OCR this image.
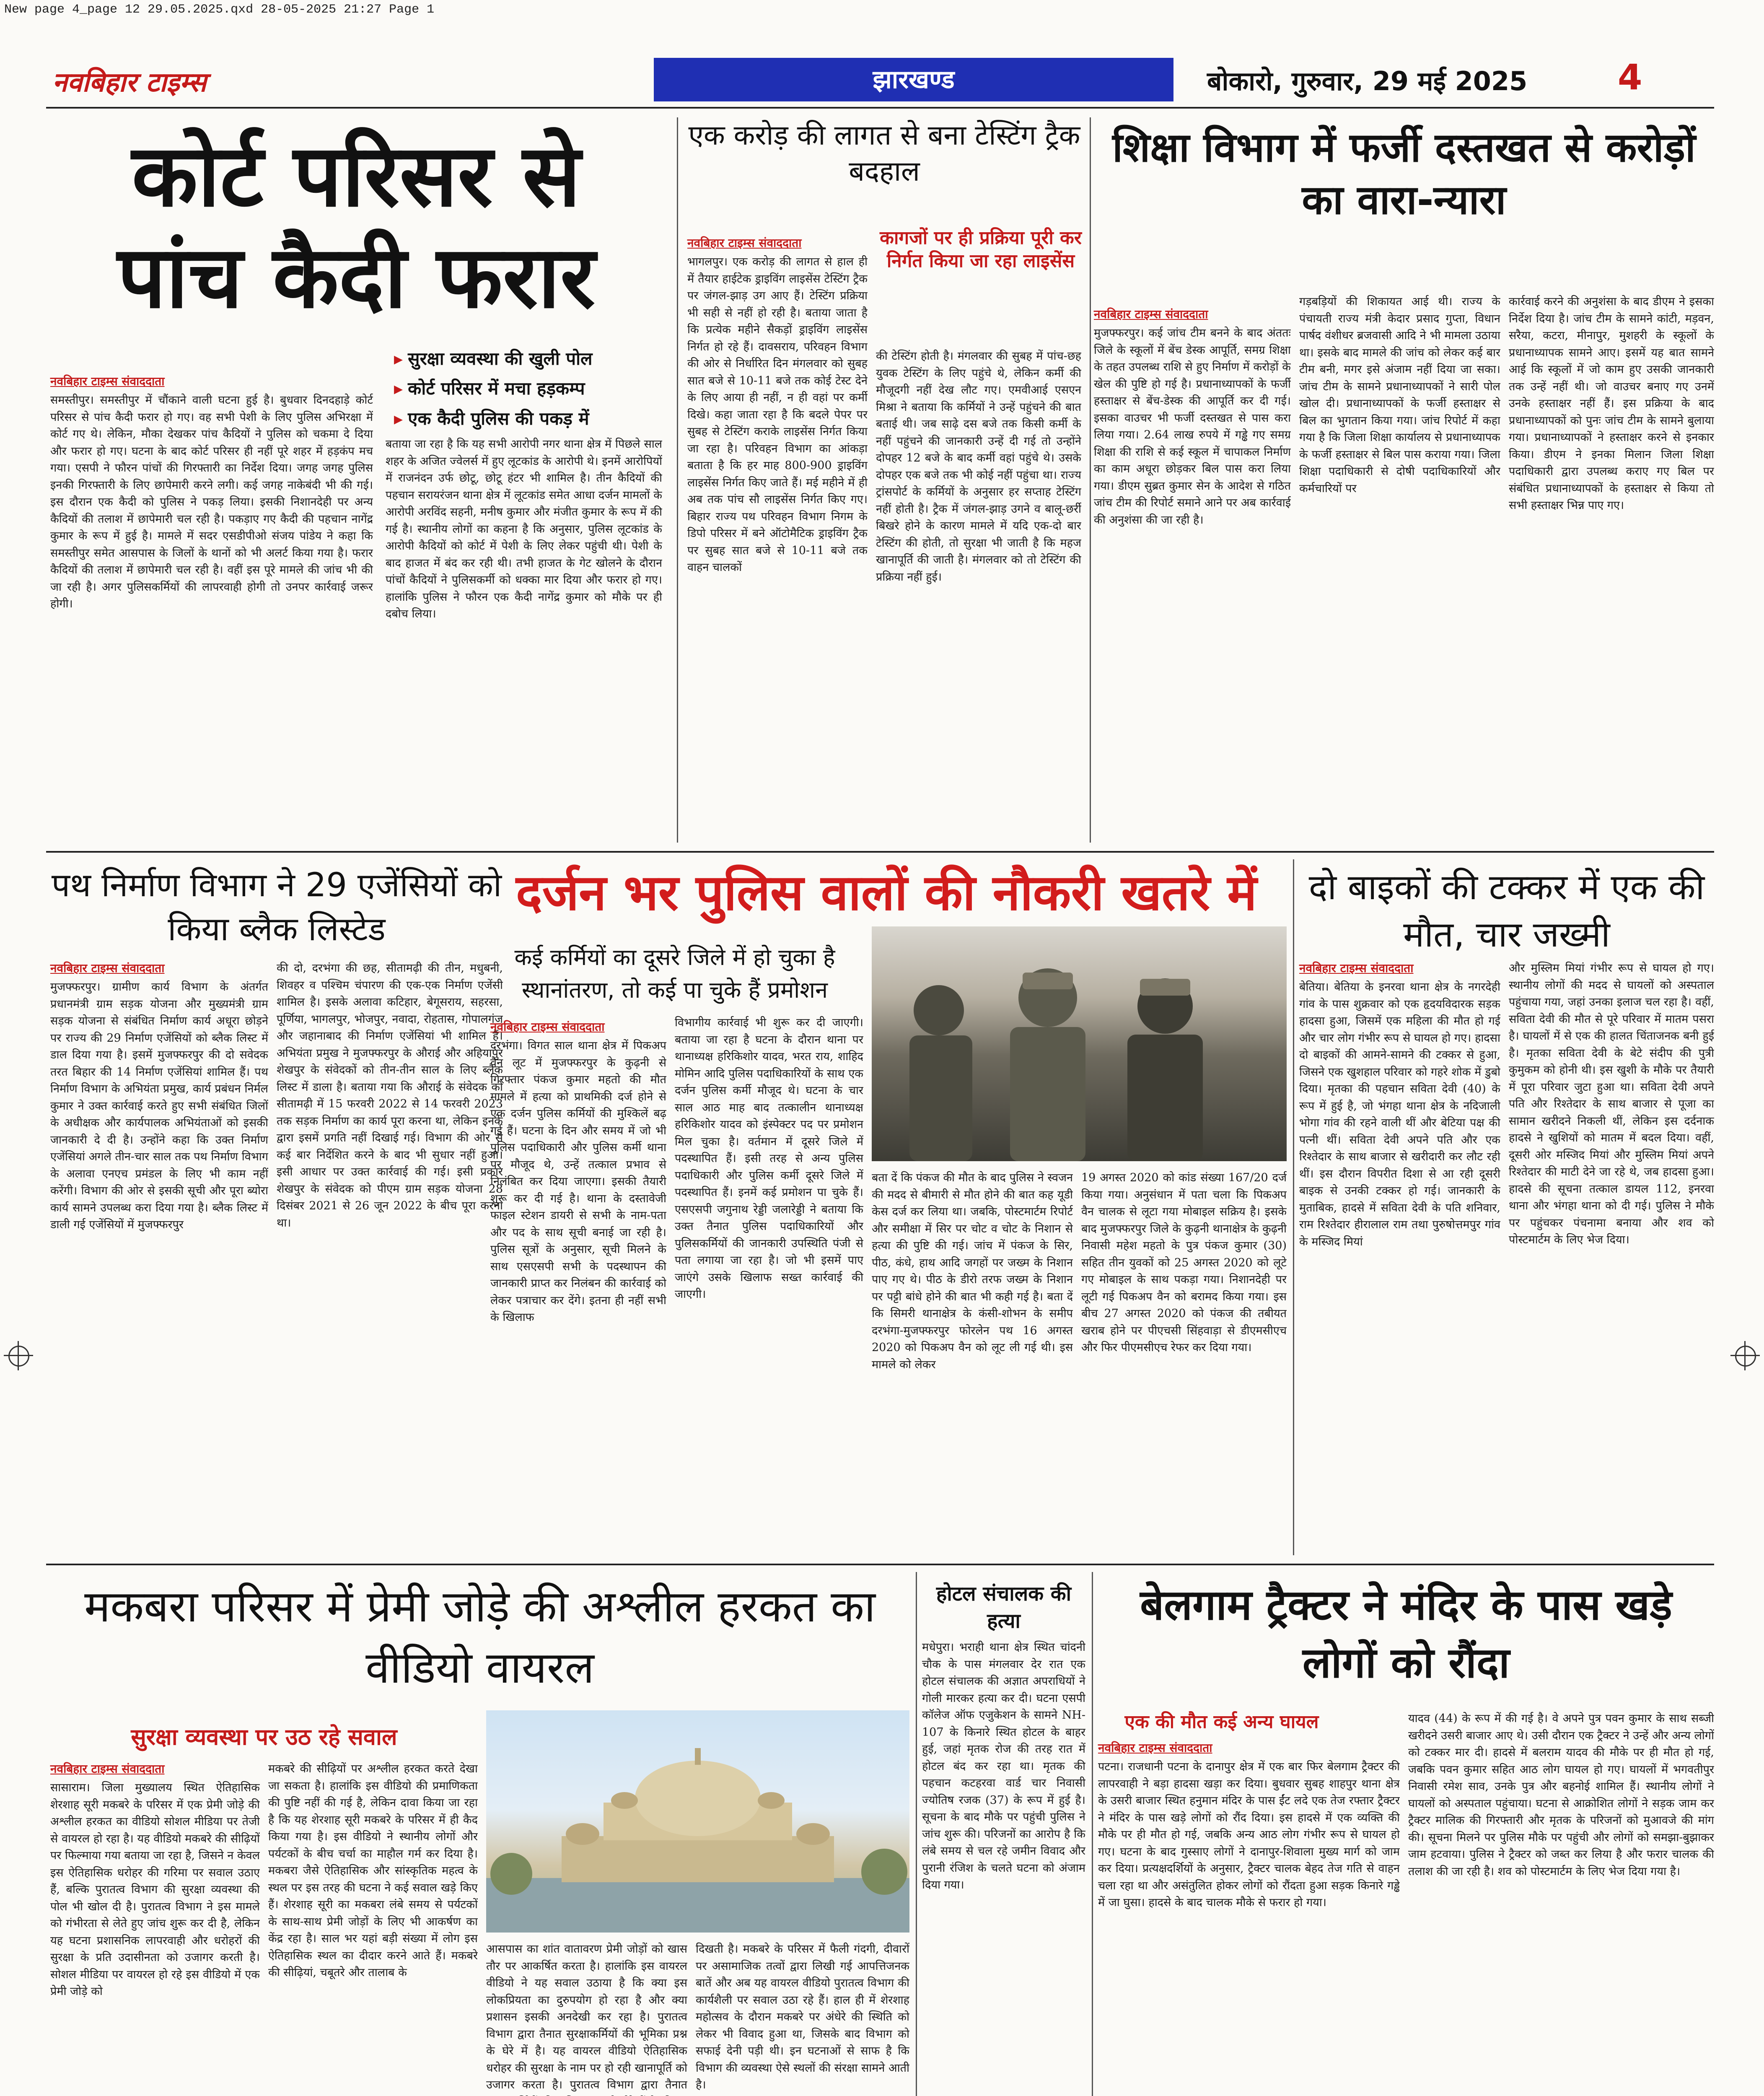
New page 4_page 12 29.05.2025.qxd 28-05-2025 21:27 Page 1
नवबिहार टाइम्स	झारखण्ड	बोकारो, गुरुवार, 29 मई 2025	4
कोर्ट परिसर से
पांच कैदी फरार
नवबिहार टाइम्स संवाददाता
समस्तीपुर। समस्तीपुर में चौंकाने वाली घटना हुई है। बुधवार दिनदहाड़े कोर्ट परिसर से पांच कैदी फरार हो गए। वह सभी पेशी के लिए पुलिस अभिरक्षा में कोर्ट गए थे। लेकिन, मौका देखकर पांच कैदियों ने पुलिस को चकमा दे दिया और फरार हो गए। घटना के बाद कोर्ट परिसर ही नहीं पूरे शहर में हड़कंप मच गया। एसपी ने फौरन पांचों की गिरफ्तारी का निर्देश दिया। जगह जगह पुलिस इनकी गिरफ्तारी के लिए छापेमारी करने लगी। कई जगह नाकेबंदी भी की गई। इस दौरान एक कैदी को पुलिस ने पकड़ लिया। इसकी निशानदेही पर अन्य कैदियों की तलाश में छापेमारी चल रही है। पकड़ाए गए कैदी की पहचान नागेंद्र कुमार के रूप में हुई है। मामले में सदर एसडीपीओ संजय पांडेय ने कहा कि समस्तीपुर समेत आसपास के जिलों के थानों को भी अलर्ट किया गया है। फरार कैदियों की तलाश में छापेमारी चल रही है। वहीं इस पूरे मामले की जांच भी की जा रही है। अगर पुलिसकर्मियों की लापरवाही होगी तो उनपर कार्रवाई जरूर होगी।
▸ सुरक्षा व्यवस्था की खुली पोल
▸ कोर्ट परिसर में मचा हड़कम्प
▸ एक कैदी पुलिस की पकड़ में
बताया जा रहा है कि यह सभी आरोपी नगर थाना क्षेत्र में पिछले साल शहर के अजित ज्वेलर्स में हुए लूटकांड के आरोपी थे। इनमें आरोपियों में राजनंदन उर्फ छोटू, छोटू हंटर भी शामिल है। तीन कैदियों की पहचान सरायरंजन थाना क्षेत्र में लूटकांड समेत आधा दर्जन मामलों के आरोपी अरविंद सहनी, मनीष कुमार और मंजीत कुमार के रूप में की गई है। स्थानीय लोगों का कहना है कि अनुसार, पुलिस लूटकांड के आरोपी कैदियों को कोर्ट में पेशी के लिए लेकर पहुंची थी। पेशी के बाद हाजत में बंद कर रही थी। तभी हाजत के गेट खोलने के दौरान पांचों कैदियों ने पुलिसकर्मी को धक्का मार दिया और फरार हो गए। हालांकि पुलिस ने फौरन एक कैदी नागेंद्र कुमार को मौके पर ही दबोच लिया।
एक करोड़ की लागत से बना टेस्टिंग ट्रैक बदहाल
कागजों पर ही प्रक्रिया पूरी कर निर्गत किया जा रहा लाइसेंस
नवबिहार टाइम्स संवाददाता
भागलपुर। एक करोड़ की लागत से हाल ही में तैयार हाईटेक ड्राइविंग लाइसेंस टेस्टिंग ट्रैक पर जंगल-झाड़ उग आए हैं। टेस्टिंग प्रक्रिया भी सही से नहीं हो रही है। बताया जाता है कि प्रत्येक महीने सैकड़ों ड्राइविंग लाइसेंस निर्गत हो रहे हैं। दावसराय, परिवहन विभाग की ओर से निर्धारित दिन मंगलवार को सुबह सात बजे से 10-11 बजे तक कोई टेस्ट देने के लिए आया ही नहीं, न ही वहां पर कर्मी दिखे। कहा जाता रहा है कि बदले पेपर पर सुबह से टेस्टिंग कराके लाइसेंस निर्गत किया जा रहा है। परिवहन विभाग का आंकड़ा बताता है कि हर माह 800-900 ड्राइविंग लाइसेंस निर्गत किए जाते हैं। मई महीने में ही अब तक पांच सौ लाइसेंस निर्गत किए गए। बिहार राज्य पथ परिवहन विभाग निगम के डिपो परिसर में बने ऑटोमैटिक ड्राइविंग ट्रैक पर सुबह सात बजे से 10-11 बजे तक वाहन चालकों
की टेस्टिंग होती है। मंगलवार की सुबह में पांच-छह युवक टेस्टिंग के लिए पहुंचे थे, लेकिन कर्मी की मौजूदगी नहीं देख लौट गए। एमवीआई एसएन मिश्रा ने बताया कि कर्मियों ने उन्हें पहुंचने की बात बताई थी। जब साढ़े दस बजे तक किसी कर्मी के नहीं पहुंचने की जानकारी उन्हें दी गई तो उन्होंने दोपहर 12 बजे के बाद कर्मी वहां पहुंचे थे। उसके दोपहर एक बजे तक भी कोई नहीं पहुंचा था। राज्य ट्रांसपोर्ट के कर्मियों के अनुसार हर सप्ताह टेस्टिंग नहीं होती है। ट्रैक में जंगल-झाड़ उगने व बालू-छर्री बिखरे होने के कारण मामले में यदि एक-दो बार टेस्टिंग की होती, तो सुरक्षा भी जाती है कि महज खानापूर्ति की जाती है। मंगलवार को तो टेस्टिंग की प्रक्रिया नहीं हुई।
शिक्षा विभाग में फर्जी दस्तखत से करोड़ों का वारा-न्यारा
नवबिहार टाइम्स संवाददाता
मुजफ्फरपुर। कई जांच टीम बनने के बाद अंततः जिले के स्कूलों में बेंच डेस्क आपूर्ति, समग्र शिक्षा के तहत उपलब्ध राशि से हुए निर्माण में करोड़ों के खेल की पुष्टि हो गई है। प्रधानाध्यापकों के फर्जी हस्ताक्षर से बेंच-डेस्क की आपूर्ति कर दी गई। इसका वाउचर भी फर्जी दस्तखत से पास करा लिया गया। 2.64 लाख रुपये में गड्ढे गए समग्र शिक्षा की राशि से कई स्कूल में चापाकल निर्माण का काम अधूरा छोड़कर बिल पास करा लिया गया। डीएम सुब्रत कुमार सेन के आदेश से गठित जांच टीम की रिपोर्ट समाने आने पर अब कार्रवाई की अनुशंसा की जा रही है।
गड़बड़ियों की शिकायत आई थी। राज्य के पंचायती राज्य मंत्री केदार प्रसाद गुप्ता, विधान पार्षद वंशीधर ब्रजवासी आदि ने भी मामला उठाया था। इसके बाद मामले की जांच को लेकर कई बार टीम बनी, मगर इसे अंजाम नहीं दिया जा सका। जांच टीम के सामने प्रधानाध्यापकों ने सारी पोल खोल दी। प्रधानाध्यापकों के फर्जी हस्ताक्षर से बिल का भुगतान किया गया। जांच रिपोर्ट में कहा गया है कि जिला शिक्षा कार्यालय से प्रधानाध्यापक के फर्जी हस्ताक्षर से बिल पास कराया गया। जिला शिक्षा पदाधिकारी से दोषी पदाधिकारियों और कर्मचारियों पर
कार्रवाई करने की अनुशंसा के बाद डीएम ने इसका निर्देश दिया है। जांच टीम के सामने कांटी, मड़वन, सरैया, कटरा, मीनापुर, मुशहरी के स्कूलों के प्रधानाध्यापक सामने आए। इसमें यह बात सामने आई कि स्कूलों में जो काम हुए उसकी जानकारी तक उन्हें नहीं थी। जो वाउचर बनाए गए उनमें उनके हस्ताक्षर नहीं हैं। इस प्रक्रिया के बाद प्रधानाध्यापकों को पुनः जांच टीम के सामने बुलाया गया। प्रधानाध्यापकों ने हस्ताक्षर करने से इनकार किया। डीएम ने इनका मिलान जिला शिक्षा पदाधिकारी द्वारा उपलब्ध कराए गए बिल पर संबंधित प्रधानाध्यापकों के हस्ताक्षर से किया तो सभी हस्ताक्षर भिन्न पाए गए।
पथ निर्माण विभाग ने 29 एजेंसियों को किया ब्लैक लिस्टेड
नवबिहार टाइम्स संवाददाता
मुजफ्फरपुर। ग्रामीण कार्य विभाग के अंतर्गत प्रधानमंत्री ग्राम सड़क योजना और मुख्यमंत्री ग्राम सड़क योजना से संबंधित निर्माण कार्य अधूरा छोड़ने पर राज्य की 29 निर्माण एजेंसियों को ब्लैक लिस्ट में डाल दिया गया है। इसमें मुजफ्फरपुर की दो सवेदक तरत बिहार की 14 निर्माण एजेंसियां शामिल हैं। पथ निर्माण विभाग के अभियंता प्रमुख, कार्य प्रबंधन निर्मल कुमार ने उक्त कार्रवाई करते हुए सभी संबंधित जिलों के अधीक्षक और कार्यपालक अभियंताओं को इसकी जानकारी दे दी है। उन्होंने कहा कि उक्त निर्माण एजेंसियां अगले तीन-चार साल तक पथ निर्माण विभाग के अलावा एनएच प्रमंडल के लिए भी काम नहीं करेंगी। विभाग की ओर से इसकी सूची और पूरा ब्योरा कार्य सामने उपलब्ध करा दिया गया है। ब्लैक लिस्ट में डाली गई एजेंसियों में मुजफ्फरपुर
की दो, दरभंगा की छह, सीतामढ़ी की तीन, मधुबनी, शिवहर व पश्चिम चंपारण की एक-एक निर्माण एजेंसी शामिल है। इसके अलावा कटिहार, बेगूसराय, सहरसा, पूर्णिया, भागलपुर, भोजपुर, नवादा, रोहतास, गोपालगंज और जहानाबाद की निर्माण एजेंसियां भी शामिल हैं। अभियंता प्रमुख ने मुजफ्फरपुर के औराई और अहियापुर शेखपुर के संवेदकों को तीन-तीन साल के लिए ब्लैक लिस्ट में डाला है। बताया गया कि औराई के संवेदक को सीतामढ़ी में 15 फरवरी 2022 से 14 फरवरी 2023 तक सड़क निर्माण का कार्य पूरा करना था, लेकिन इनके द्वारा इसमें प्रगति नहीं दिखाई गई। विभाग की ओर से कई बार निर्देशित करने के बाद भी सुधार नहीं हुआ। इसी आधार पर उक्त कार्रवाई की गई। इसी प्रकार शेखपुर के संवेदक को पीएम ग्राम सड़क योजना 28 दिसंबर 2021 से 26 जून 2022 के बीच पूरा करना था।
दर्जन भर पुलिस वालों की नौकरी खतरे में
कई कर्मियों का दूसरे जिले में हो चुका है स्थानांतरण, तो कई पा चुके हैं प्रमोशन
नवबिहार टाइम्स संवाददाता
दरभंगा। विगत साल थाना क्षेत्र में पिकअप वैन लूट में मुजफ्फरपुर के कुढ़नी से गिरफ्तार पंकज कुमार महतो की मौत मामले में हत्या को प्राथमिकी दर्ज होने से एक दर्जन पुलिस कर्मियों की मुश्किलें बढ़ गई हैं। घटना के दिन और समय में जो भी पुलिस पदाधिकारी और पुलिस कर्मी थाना पर मौजूद थे, उन्हें तत्काल प्रभाव से निलंबित कर दिया जाएगा। इसकी तैयारी शुरू कर दी गई है। थाना के दस्तावेजी फाइल स्टेशन डायरी से सभी के नाम-पता और पद के साथ सूची बनाई जा रही है। पुलिस सूत्रों के अनुसार, सूची मिलने के साथ एसएसपी सभी के पदस्थापन की जानकारी प्राप्त कर निलंबन की कार्रवाई को लेकर पत्राचार कर देंगे। इतना ही नहीं सभी के खिलाफ
विभागीय कार्रवाई भी शुरू कर दी जाएगी। बताया जा रहा है घटना के दौरान थाना पर थानाध्यक्ष हरिकिशोर यादव, भरत राय, शाहिद मोमिन आदि पुलिस पदाधिकारियों के साथ एक दर्जन पुलिस कर्मी मौजूद थे। घटना के चार साल आठ माह बाद तत्कालीन थानाध्यक्ष हरिकिशोर यादव को इंस्पेक्टर पद पर प्रमोशन मिल चुका है। वर्तमान में दूसरे जिले में पदस्थापित हैं। इसी तरह से अन्य पुलिस पदाधिकारी और पुलिस कर्मी दूसरे जिले में पदस्थापित हैं। इनमें कई प्रमोशन पा चुके हैं। एसएसपी जगुनाथ रेड्डी जलारेड्डी ने बताया कि उक्त तैनात पुलिस पदाधिकारियों और पुलिसकर्मियों की जानकारी उपस्थिति पंजी से पता लगाया जा रहा है। जो भी इसमें पाए जाएंगे उसके खिलाफ सख्त कार्रवाई की जाएगी।
बता दें कि पंकज की मौत के बाद पुलिस ने स्वजन की मदद से बीमारी से मौत होने की बात कह यूडी केस दर्ज कर लिया था। जबकि, पोस्टमार्टम रिपोर्ट और समीक्षा में सिर पर चोट व चोट के निशान से हत्या की पुष्टि की गई। जांच में पंकज के सिर, पीठ, कंधे, हाथ आदि जगहों पर जख्म के निशान पाए गए थे। पीठ के डीरो तरफ जख्म के निशान पर पट्टी बांधे होने की बात भी कही गई है। बता दें कि सिमरी थानाक्षेत्र के कंसी-शोभन के समीप दरभंगा-मुजफ्फरपुर फोरलेन पथ 16 अगस्त 2020 को पिकअप वैन को लूट ली गई थी। इस मामले को लेकर
19 अगस्त 2020 को कांड संख्या 167/20 दर्ज किया गया। अनुसंधान में पता चला कि पिकअप वैन चालक से लूटा गया मोबाइल सक्रिय है। इसके बाद मुजफ्फरपुर जिले के कुढ़नी थानाक्षेत्र के कुढ़नी निवासी महेश महतो के पुत्र पंकज कुमार (30) सहित तीन युवकों को 25 अगस्त 2020 को लूटे गए मोबाइल के साथ पकड़ा गया। निशानदेही पर लूटी गई पिकअप वैन को बरामद किया गया। इस बीच 27 अगस्त 2020 को पंकज की तबीयत खराब होने पर पीएचसी सिंहवाड़ा से डीएमसीएच और फिर पीएमसीएच रेफर कर दिया गया।
दो बाइकों की टक्कर में एक की मौत, चार जख्मी
नवबिहार टाइम्स संवाददाता
बेतिया। बेतिया के इनरवा थाना क्षेत्र के नगरदेही गांव के पास शुक्रवार को एक हृदयविदारक सड़क हादसा हुआ, जिसमें एक महिला की मौत हो गई और चार लोग गंभीर रूप से घायल हो गए। हादसा दो बाइकों की आमने-सामने की टक्कर से हुआ, जिसने एक खुशहाल परिवार को गहरे शोक में डुबो दिया। मृतका की पहचान सविता देवी (40) के रूप में हुई है, जो भंगहा थाना क्षेत्र के नदिजाली भोगा गांव की रहने वाली थीं और बेटिया पक्ष की पत्नी थीं। सविता देवी अपने पति और एक रिश्तेदार के साथ बाजार से खरीदारी कर लौट रही थीं। इस दौरान विपरीत दिशा से आ रही दूसरी बाइक से उनकी टक्कर हो गई। जानकारी के मुताबिक, हादसे में सविता देवी के पति शनिवार, राम रिश्तेदार हीरालाल राम तथा पुरुषोत्तमपुर गांव के मस्जिद मियां
और मुस्लिम मियां गंभीर रूप से घायल हो गए। स्थानीय लोगों की मदद से घायलों को अस्पताल पहुंचाया गया, जहां उनका इलाज चल रहा है। वहीं, सविता देवी की मौत से पूरे परिवार में मातम पसरा है। घायलों में से एक की हालत चिंताजनक बनी हुई है। मृतका सविता देवी के बेटे संदीप की पुत्री कुमुकम को होनी थी। इस खुशी के मौके पर तैयारी में पूरा परिवार जुटा हुआ था। सविता देवी अपने पति और रिश्तेदार के साथ बाजार से पूजा का सामान खरीदने निकली थीं, लेकिन इस दर्दनाक हादसे ने खुशियों को मातम में बदल दिया। वहीं, दूसरी ओर मस्जिद मियां और मुस्लिम मियां अपने रिश्तेदार की माटी देने जा रहे थे, जब हादसा हुआ। हादसे की सूचना तत्काल डायल 112, इनरवा थाना और भंगहा थाना को दी गई। पुलिस ने मौके पर पहुंचकर पंचनामा बनाया और शव को पोस्टमार्टम के लिए भेज दिया।
मकबरा परिसर में प्रेमी जोड़े की अश्लील हरकत का वीडियो वायरल
सुरक्षा व्यवस्था पर उठ रहे सवाल
नवबिहार टाइम्स संवाददाता
सासाराम। जिला मुख्यालय स्थित ऐतिहासिक शेरशाह सूरी मकबरे के परिसर में एक प्रेमी जोड़े की अश्लील हरकत का वीडियो सोशल मीडिया पर तेजी से वायरल हो रहा है। यह वीडियो मकबरे की सीढ़ियों पर फिल्माया गया बताया जा रहा है, जिसने न केवल इस ऐतिहासिक धरोहर की गरिमा पर सवाल उठाए हैं, बल्कि पुरातत्व विभाग की सुरक्षा व्यवस्था की पोल भी खोल दी है। पुरातत्व विभाग ने इस मामले को गंभीरता से लेते हुए जांच शुरू कर दी है, लेकिन यह घटना प्रशासनिक लापरवाही और धरोहरों की सुरक्षा के प्रति उदासीनता को उजागर करती है। सोशल मीडिया पर वायरल हो रहे इस वीडियो में एक प्रेमी जोड़े को
मकबरे की सीढ़ियों पर अश्लील हरकत करते देखा जा सकता है। हालांकि इस वीडियो की प्रमाणिकता की पुष्टि नहीं की गई है, लेकिन दावा किया जा रहा है कि यह शेरशाह सूरी मकबरे के परिसर में ही कैद किया गया है। इस वीडियो ने स्थानीय लोगों और पर्यटकों के बीच चर्चा का माहौल गर्म कर दिया है। मकबरा जैसे ऐतिहासिक और सांस्कृतिक महत्व के स्थल पर इस तरह की घटना ने कई सवाल खड़े किए हैं। शेरशाह सूरी का मकबरा लंबे समय से पर्यटकों के साथ-साथ प्रेमी जोड़ों के लिए भी आकर्षण का केंद्र रहा है। साल भर यहां बड़ी संख्या में लोग इस ऐतिहासिक स्थल का दीदार करने आते हैं। मकबरे की सीढ़ियां, चबूतरे और तालाब के
आसपास का शांत वातावरण प्रेमी जोड़ों को खास तौर पर आकर्षित करता है। हालांकि इस वायरल वीडियो ने यह सवाल उठाया है कि क्या इस लोकप्रियता का दुरुपयोग हो रहा है और क्या प्रशासन इसकी अनदेखी कर रहा है। पुरातत्व विभाग द्वारा तैनात सुरक्षाकर्मियों की भूमिका प्रश्न के घेरे में है। यह वायरल वीडियो ऐतिहासिक धरोहर की सुरक्षा के नाम पर हो रही खानापूर्ति को उजागर करता है। पुरातत्व विभाग द्वारा तैनात
दिखती है। मकबरे के परिसर में फैली गंदगी, दीवारों पर असामाजिक तत्वों द्वारा लिखी गई आपत्तिजनक बातें और अब यह वायरल वीडियो पुरातत्व विभाग की कार्यशैली पर सवाल उठा रहे हैं। हाल ही में शेरशाह महोत्सव के दौरान मकबरे पर अंधेरे की स्थिति को लेकर भी विवाद हुआ था, जिसके बाद विभाग को सफाई देनी पड़ी थी। इन घटनाओं से साफ है कि विभाग की व्यवस्था ऐसे स्थलों की संरक्षा सामने आती है।
होटल संचालक की हत्या
मधेपुरा। भराही थाना क्षेत्र स्थित चांदनी चौक के पास मंगलवार देर रात एक होटल संचालक की अज्ञात अपराधियों ने गोली मारकर हत्या कर दी। घटना एसपी कॉलेज ऑफ एजुकेशन के सामने NH-107 के किनारे स्थित होटल के बाहर हुई, जहां मृतक रोज की तरह रात में होटल बंद कर रहा था। मृतक की पहचान कटहरवा वार्ड चार निवासी ज्योतिष रजक (37) के रूप में हुई है। सूचना के बाद मौके पर पहुंची पुलिस ने जांच शुरू की। परिजनों का आरोप है कि लंबे समय से चल रहे जमीन विवाद और पुरानी रंजिश के चलते घटना को अंजाम दिया गया।
बेलगाम ट्रैक्टर ने मंदिर के पास खड़े लोगों को रौंदा
एक की मौत कई अन्य घायल
नवबिहार टाइम्स संवाददाता
पटना। राजधानी पटना के दानापुर क्षेत्र में एक बार फिर बेलगाम ट्रैक्टर की लापरवाही ने बड़ा हादसा खड़ा कर दिया। बुधवार सुबह शाहपुर थाना क्षेत्र के उसरी बाजार स्थित हनुमान मंदिर के पास ईंट लदे एक तेज रफ्तार ट्रैक्टर ने मंदिर के पास खड़े लोगों को रौंद दिया। इस हादसे में एक व्यक्ति की मौके पर ही मौत हो गई, जबकि अन्य आठ लोग गंभीर रूप से घायल हो गए। घटना के बाद गुस्साए लोगों ने दानापुर-शिवाला मुख्य मार्ग को जाम कर दिया। प्रत्यक्षदर्शियों के अनुसार, ट्रैक्टर चालक बेहद तेज गति से वाहन चला रहा था और असंतुलित होकर लोगों को रौंदता हुआ सड़क किनारे गड्ढे में जा घुसा। हादसे के बाद चालक मौके से फरार हो गया।
यादव (44) के रूप में की गई है। वे अपने पुत्र पवन कुमार के साथ सब्जी खरीदने उसरी बाजार आए थे। उसी दौरान एक ट्रैक्टर ने उन्हें और अन्य लोगों को टक्कर मार दी। हादसे में बलराम यादव की मौके पर ही मौत हो गई, जबकि पवन कुमार सहित आठ लोग घायल हो गए। घायलों में भगवतीपुर निवासी रमेश साव, उनके पुत्र और बहनोई शामिल हैं। स्थानीय लोगों ने घायलों को अस्पताल पहुंचाया। घटना से आक्रोशित लोगों ने सड़क जाम कर ट्रैक्टर मालिक की गिरफ्तारी और मृतक के परिजनों को मुआवजे की मांग की। सूचना मिलने पर पुलिस मौके पर पहुंची और लोगों को समझा-बुझाकर जाम हटवाया। पुलिस ने ट्रैक्टर को जब्त कर लिया है और फरार चालक की तलाश की जा रही है। शव को पोस्टमार्टम के लिए भेज दिया गया है।
